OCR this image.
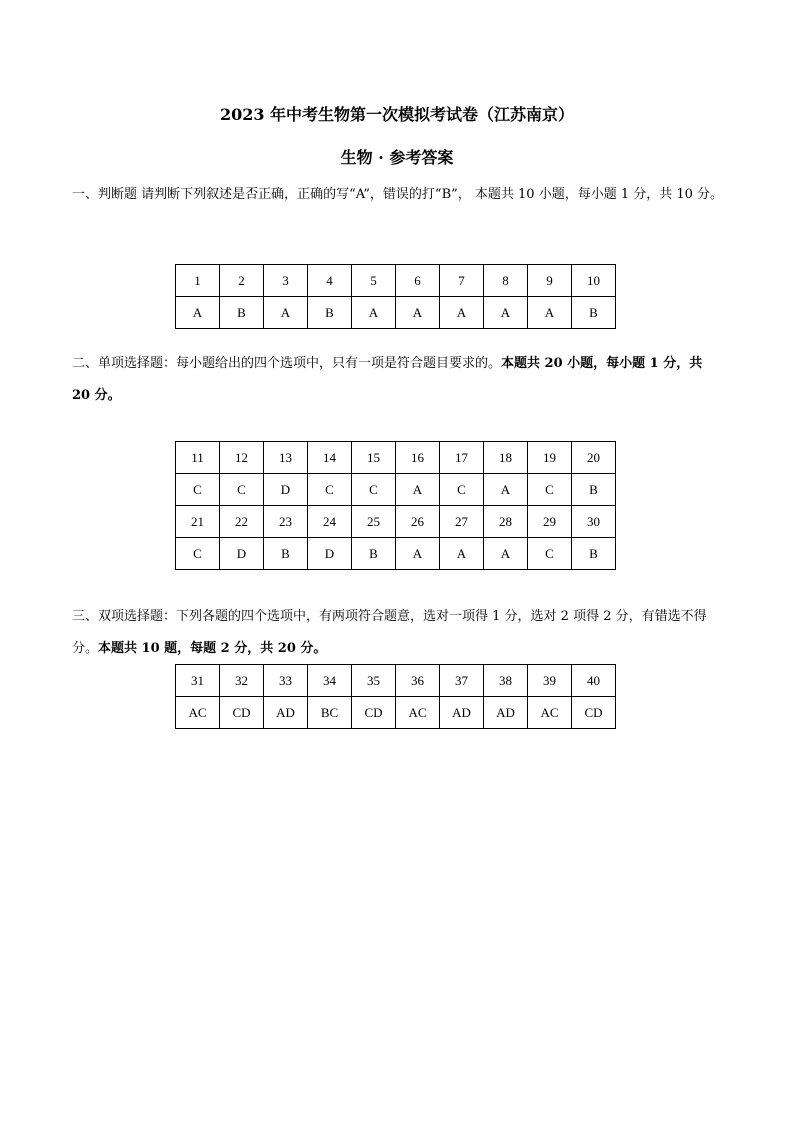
2023 年中考生物第一次模拟考试卷（江苏南京）
生物 · 参考答案

一、判断题 请判断下列叙述是否正确，正确的写“A”，错误的打“B”， 本题共 10 小题，每小题 1 分，共 10 分。

1	2	3	4	5	6	7	8	9	10
A	B	A	B	A	A	A	A	A	B

二、单项选择题：每小题给出的四个选项中，只有一项是符合题目要求的。本题共 20 小题，每小题 1 分，共 20 分。

11	12	13	14	15	16	17	18	19	20
C	C	D	C	C	A	C	A	C	B
21	22	23	24	25	26	27	28	29	30
C	D	B	D	B	A	A	A	C	B

三、双项选择题：下列各题的四个选项中，有两项符合题意，选对一项得 1 分，选对 2 项得 2 分，有错选不得分。本题共 10 题，每题 2 分，共 20 分。

31	32	33	34	35	36	37	38	39	40
AC	CD	AD	BC	CD	AC	AD	AD	AC	CD
